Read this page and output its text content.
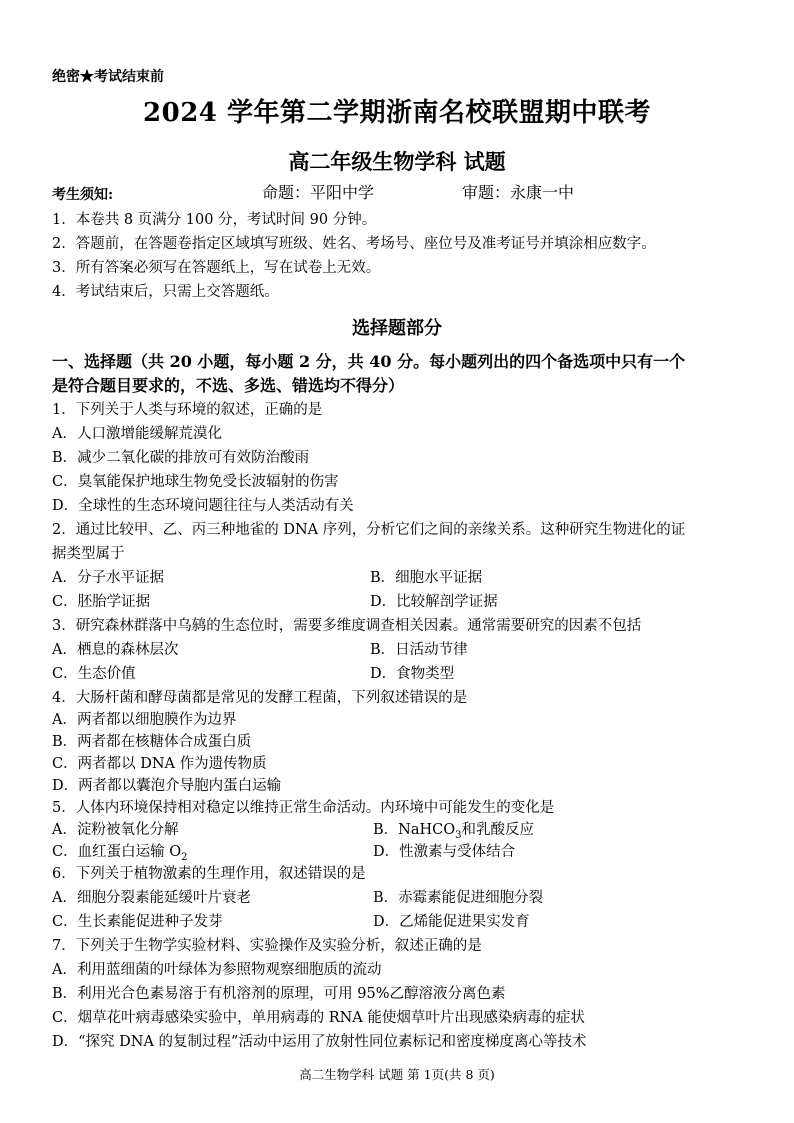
绝密★考试结束前
2024 学年第二学期浙南名校联盟期中联考
高二年级生物学科 试题
考生须知:	命题：平阳中学	审题：永康一中
1．本卷共 8 页满分 100 分，考试时间 90 分钟。
2．答题前，在答题卷指定区域填写班级、姓名、考场号、座位号及准考证号并填涂相应数字。
3．所有答案必须写在答题纸上，写在试卷上无效。
4．考试结束后，只需上交答题纸。
选择题部分
一、选择题（共 20 小题，每小题 2 分，共 40 分。每小题列出的四个备选项中只有一个
是符合题目要求的，不选、多选、错选均不得分）
1．下列关于人类与环境的叙述，正确的是
A．人口激增能缓解荒漠化
B．减少二氧化碳的排放可有效防治酸雨
C．臭氧能保护地球生物免受长波辐射的伤害
D．全球性的生态环境问题往往与人类活动有关
2．通过比较甲、乙、丙三种地雀的 DNA 序列，分析它们之间的亲缘关系。这种研究生物进化的证
据类型属于
A．分子水平证据	B．细胞水平证据
C．胚胎学证据	D．比较解剖学证据
3．研究森林群落中乌鸫的生态位时，需要多维度调查相关因素。通常需要研究的因素不包括
A．栖息的森林层次	B．日活动节律
C．生态价值	D．食物类型
4．大肠杆菌和酵母菌都是常见的发酵工程菌，下列叙述错误的是
A．两者都以细胞膜作为边界
B．两者都在核糖体合成蛋白质
C．两者都以 DNA 作为遗传物质
D．两者都以囊泡介导胞内蛋白运输
5．人体内环境保持相对稳定以维持正常生命活动。内环境中可能发生的变化是
A．淀粉被氧化分解	B．NaHCO$_3$和乳酸反应
C．血红蛋白运输 $O_2$	D．性激素与受体结合
6．下列关于植物激素的生理作用，叙述错误的是
A．细胞分裂素能延缓叶片衰老	B．赤霉素能促进细胞分裂
C．生长素能促进种子发芽	D．乙烯能促进果实发育
7．下列关于生物学实验材料、实验操作及实验分析，叙述正确的是
A．利用蓝细菌的叶绿体为参照物观察细胞质的流动
B．利用光合色素易溶于有机溶剂的原理，可用 95%乙醇溶液分离色素
C．烟草花叶病毒感染实验中，单用病毒的 RNA 能使烟草叶片出现感染病毒的症状
D．“探究 DNA 的复制过程”活动中运用了放射性同位素标记和密度梯度离心等技术
高二生物学科 试题 第 1页(共 8 页)
